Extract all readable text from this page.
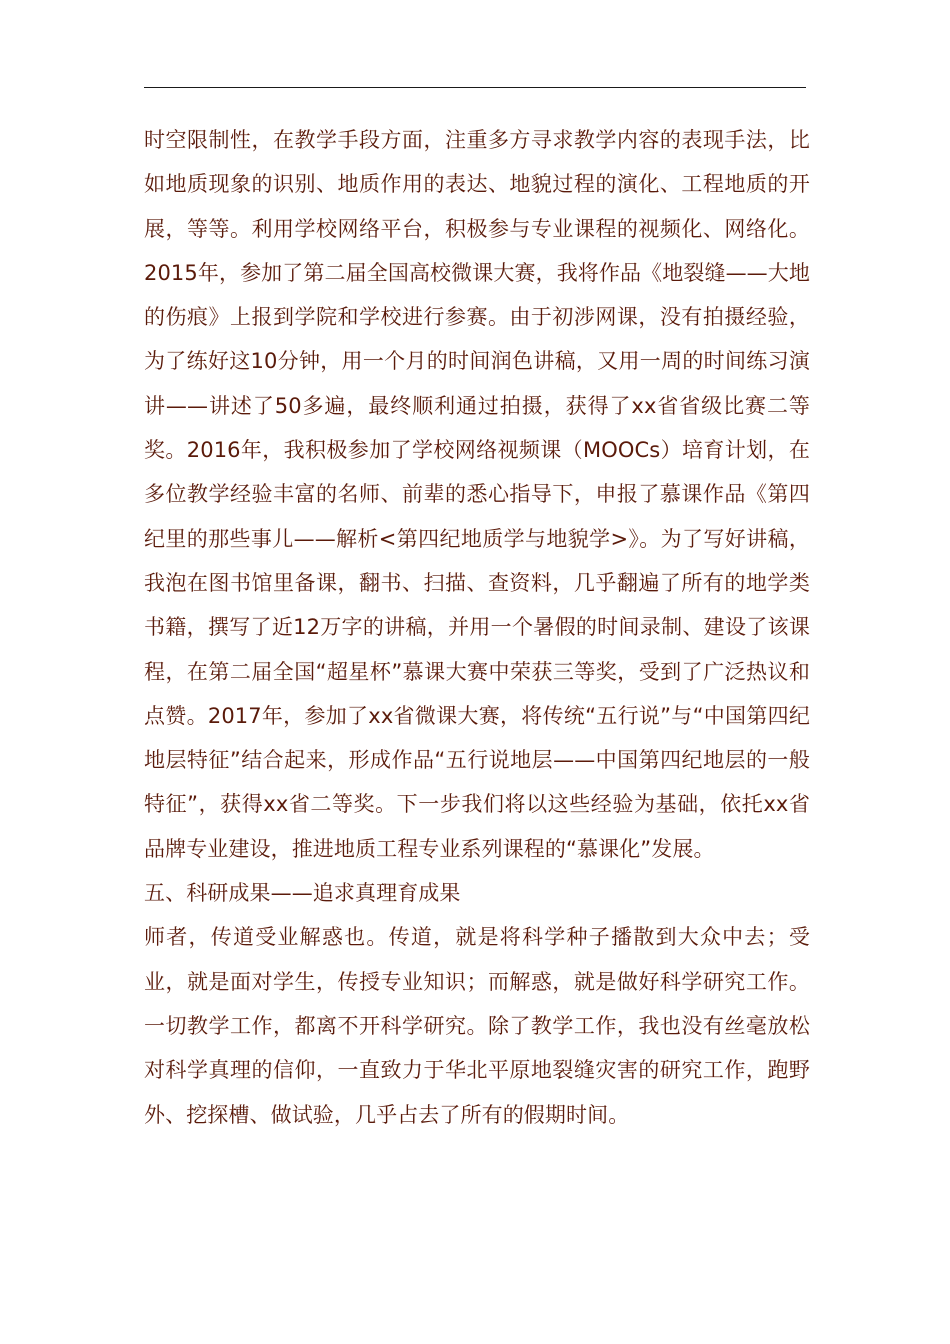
时空限制性，在教学手段方面，注重多方寻求教学内容的表现手法，比如地质现象的识别、地质作用的表达、地貌过程的演化、工程地质的开展，等等。利用学校网络平台，积极参与专业课程的视频化、网络化。2015年，参加了第二届全国高校微课大赛，我将作品《地裂缝——大地的伤痕》上报到学院和学校进行参赛。由于初涉网课，没有拍摄经验，为了练好这10分钟，用一个月的时间润色讲稿，又用一周的时间练习演讲——讲述了50多遍，最终顺利通过拍摄，获得了xx省省级比赛二等奖。2016年，我积极参加了学校网络视频课（MOOCs）培育计划，在多位教学经验丰富的名师、前辈的悉心指导下，申报了慕课作品《第四纪里的那些事儿——解析<第四纪地质学与地貌学>》。为了写好讲稿，我泡在图书馆里备课，翻书、扫描、查资料，几乎翻遍了所有的地学类书籍，撰写了近12万字的讲稿，并用一个暑假的时间录制、建设了该课程，在第二届全国“超星杯”慕课大赛中荣获三等奖，受到了广泛热议和点赞。2017年，参加了xx省微课大赛，将传统“五行说”与“中国第四纪地层特征”结合起来，形成作品“五行说地层——中国第四纪地层的一般特征”，获得xx省二等奖。下一步我们将以这些经验为基础，依托xx省品牌专业建设，推进地质工程专业系列课程的“慕课化”发展。

五、科研成果——追求真理育成果

师者，传道受业解惑也。传道，就是将科学种子播散到大众中去；受业，就是面对学生，传授专业知识；而解惑，就是做好科学研究工作。一切教学工作，都离不开科学研究。除了教学工作，我也没有丝毫放松对科学真理的信仰，一直致力于华北平原地裂缝灾害的研究工作，跑野外、挖探槽、做试验，几乎占去了所有的假期时间。
